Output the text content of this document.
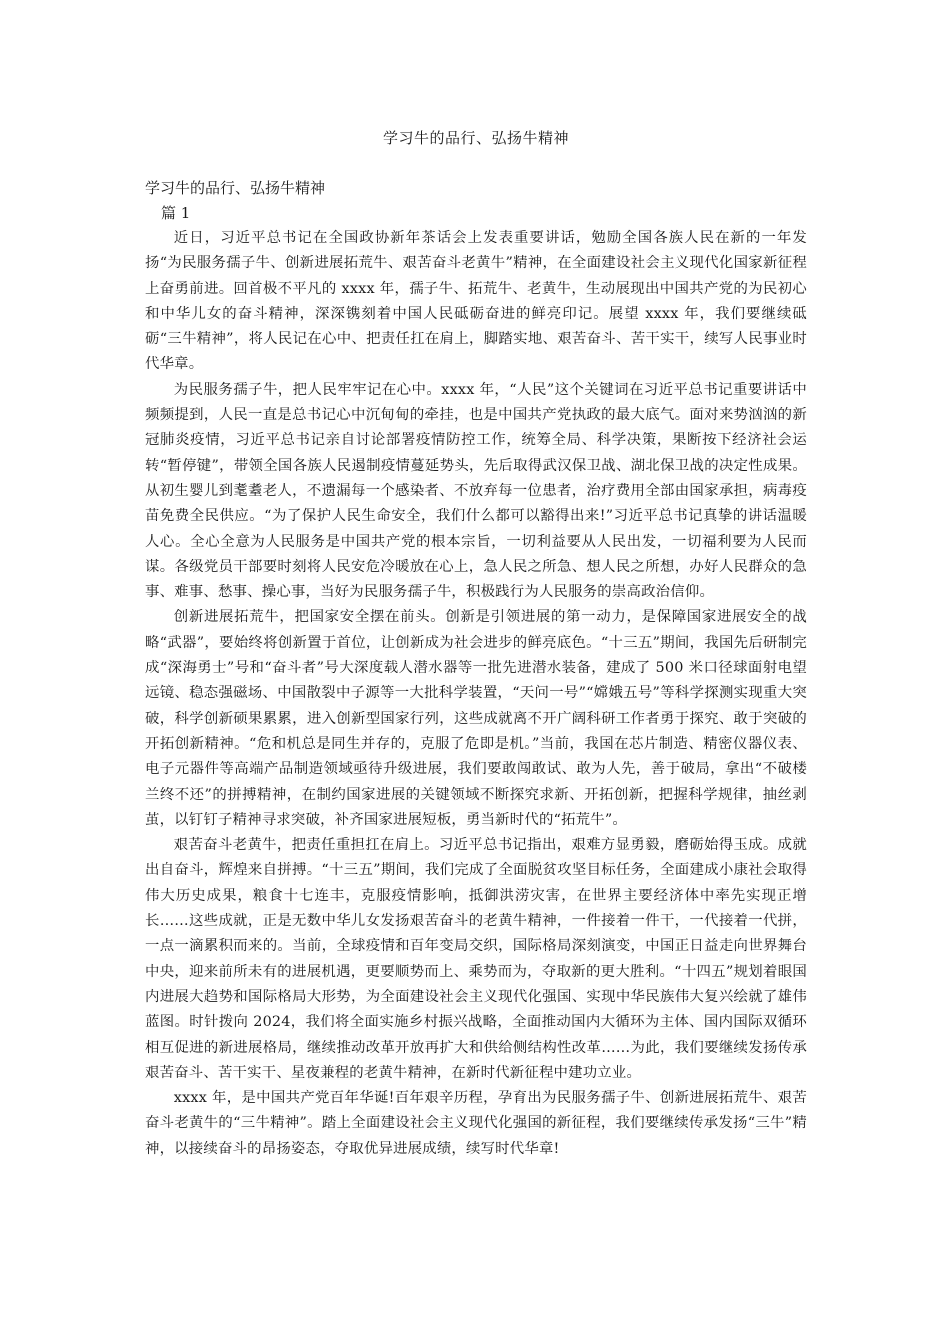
学习牛的品行、弘扬牛精神
学习牛的品行、弘扬牛精神
篇 1

近日，习近平总书记在全国政协新年茶话会上发表重要讲话，勉励全国各族人民在新的一年发扬“为民服务孺子牛、创新进展拓荒牛、艰苦奋斗老黄牛”精神，在全面建设社会主义现代化国家新征程上奋勇前进。回首极不平凡的 xxxx 年，孺子牛、拓荒牛、老黄牛，生动展现出中国共产党的为民初心和中华儿女的奋斗精神，深深镌刻着中国人民砥砺奋进的鲜亮印记。展望 xxxx 年，我们要继续砥砺“三牛精神”，将人民记在心中、把责任扛在肩上，脚踏实地、艰苦奋斗、苦干实干，续写人民事业时代华章。

为民服务孺子牛，把人民牢牢记在心中。xxxx 年，“人民”这个关键词在习近平总书记重要讲话中频频提到，人民一直是总书记心中沉甸甸的牵挂，也是中国共产党执政的最大底气。面对来势汹汹的新冠肺炎疫情，习近平总书记亲自讨论部署疫情防控工作，统筹全局、科学决策，果断按下经济社会运转“暂停键”，带领全国各族人民遏制疫情蔓延势头，先后取得武汉保卫战、湖北保卫战的决定性成果。从初生婴儿到耄耋老人，不遗漏每一个感染者、不放弃每一位患者，治疗费用全部由国家承担，病毒疫苗免费全民供应。“为了保护人民生命安全，我们什么都可以豁得出来!”习近平总书记真挚的讲话温暖人心。全心全意为人民服务是中国共产党的根本宗旨，一切利益要从人民出发，一切福利要为人民而谋。各级党员干部要时刻将人民安危冷暖放在心上，急人民之所急、想人民之所想，办好人民群众的急事、难事、愁事、操心事，当好为民服务孺子牛，积极践行为人民服务的崇高政治信仰。

创新进展拓荒牛，把国家安全摆在前头。创新是引领进展的第一动力，是保障国家进展安全的战略“武器”，要始终将创新置于首位，让创新成为社会进步的鲜亮底色。“十三五”期间，我国先后研制完成“深海勇士”号和“奋斗者”号大深度载人潜水器等一批先进潜水装备，建成了 500 米口径球面射电望远镜、稳态强磁场、中国散裂中子源等一大批科学装置，“天问一号”“嫦娥五号”等科学探测实现重大突破，科学创新硕果累累，进入创新型国家行列，这些成就离不开广阔科研工作者勇于探究、敢于突破的开拓创新精神。“危和机总是同生并存的，克服了危即是机。”当前，我国在芯片制造、精密仪器仪表、电子元器件等高端产品制造领域亟待升级进展，我们要敢闯敢试、敢为人先，善于破局，拿出“不破楼兰终不还”的拼搏精神，在制约国家进展的关键领域不断探究求新、开拓创新，把握科学规律，抽丝剥茧，以钉钉子精神寻求突破，补齐国家进展短板，勇当新时代的“拓荒牛”。

艰苦奋斗老黄牛，把责任重担扛在肩上。习近平总书记指出，艰难方显勇毅，磨砺始得玉成。成就出自奋斗，辉煌来自拼搏。“十三五”期间，我们完成了全面脱贫攻坚目标任务，全面建成小康社会取得伟大历史成果，粮食十七连丰，克服疫情影响，抵御洪涝灾害，在世界主要经济体中率先实现正增长……这些成就，正是无数中华儿女发扬艰苦奋斗的老黄牛精神，一件接着一件干，一代接着一代拼，一点一滴累积而来的。当前，全球疫情和百年变局交织，国际格局深刻演变，中国正日益走向世界舞台中央，迎来前所未有的进展机遇，更要顺势而上、乘势而为，夺取新的更大胜利。“十四五”规划着眼国内进展大趋势和国际格局大形势，为全面建设社会主义现代化强国、实现中华民族伟大复兴绘就了雄伟蓝图。时针拨向 2024，我们将全面实施乡村振兴战略，全面推动国内大循环为主体、国内国际双循环相互促进的新进展格局，继续推动改革开放再扩大和供给侧结构性改革……为此，我们要继续发扬传承艰苦奋斗、苦干实干、星夜兼程的老黄牛精神，在新时代新征程中建功立业。

xxxx 年，是中国共产党百年华诞!百年艰辛历程，孕育出为民服务孺子牛、创新进展拓荒牛、艰苦奋斗老黄牛的“三牛精神”。踏上全面建设社会主义现代化强国的新征程，我们要继续传承发扬“三牛”精神，以接续奋斗的昂扬姿态，夺取优异进展成绩，续写时代华章!
